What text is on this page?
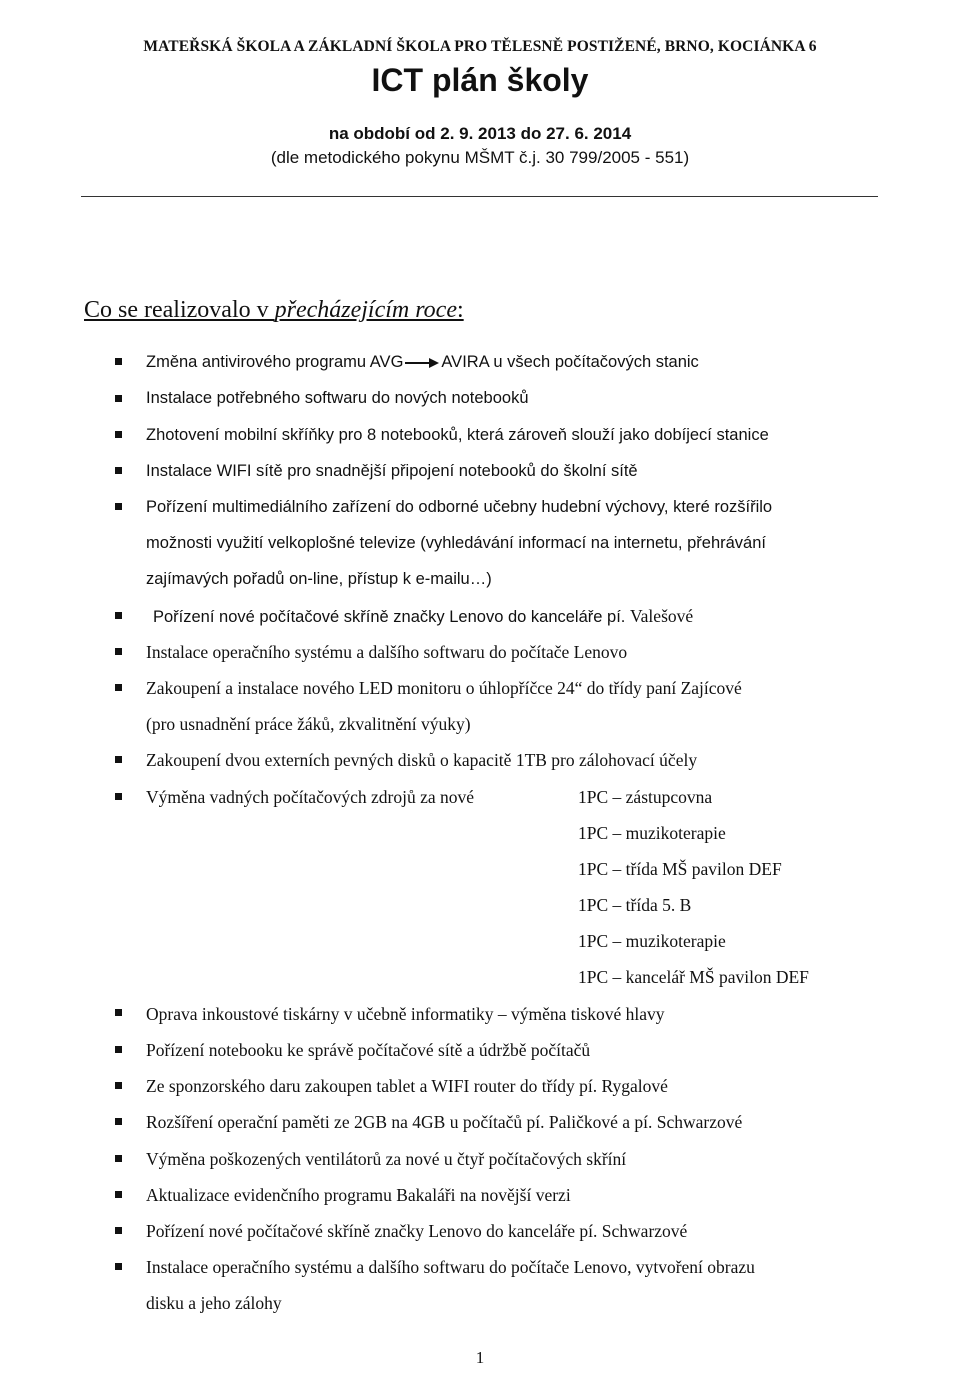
MATEŘSKÁ ŠKOLA A ZÁKLADNÍ ŠKOLA PRO TĚLESNĚ POSTIŽENÉ, BRNO, KOCIÁNKA 6
ICT plán školy
na období od 2. 9. 2013 do 27. 6. 2014
(dle metodického pokynu MŠMT č.j. 30 799/2005 - 551)
Co se realizovalo v přecházejícím roce:
Změna antivirového programu AVG AVIRA u všech počítačových stanic
Instalace potřebného softwaru do nových notebooků
Zhotovení mobilní skříňky pro 8 notebooků, která zároveň slouží jako dobíjecí stanice
Instalace WIFI sítě pro snadnější připojení notebooků do školní sítě
Pořízení multimediálního zařízení do odborné učebny hudební výchovy, které rozšířilo
možnosti využití velkoplošné televize (vyhledávání informací na internetu, přehrávání
zajímavých pořadů on-line, přístup k e-mailu…)
Pořízení nové počítačové skříně značky Lenovo do kanceláře pí. Valešové
Instalace operačního systému a dalšího softwaru do počítače Lenovo
Zakoupení a instalace nového LED monitoru o úhlopříčce 24“ do třídy paní Zajícové
(pro usnadnění práce žáků, zkvalitnění výuky)
Zakoupení dvou externích pevných disků o kapacitě 1TB pro zálohovací účely
Výměna vadných počítačových zdrojů za nové	1PC – zástupcovna
1PC – muzikoterapie
1PC – třída MŠ pavilon DEF
1PC – třída 5. B
1PC – muzikoterapie
1PC – kancelář MŠ pavilon DEF
Oprava inkoustové tiskárny v učebně informatiky – výměna tiskové hlavy
Pořízení notebooku ke správě počítačové sítě a údržbě počítačů
Ze sponzorského daru zakoupen tablet a WIFI router do třídy pí. Rygalové
Rozšíření operační paměti ze 2GB na 4GB u počítačů pí. Paličkové a pí. Schwarzové
Výměna poškozených ventilátorů za nové u čtyř počítačových skříní
Aktualizace evidenčního programu Bakaláři na novější verzi
Pořízení nové počítačové skříně značky Lenovo do kanceláře pí. Schwarzové
Instalace operačního systému a dalšího softwaru do počítače Lenovo, vytvoření obrazu
disku a jeho zálohy
1
